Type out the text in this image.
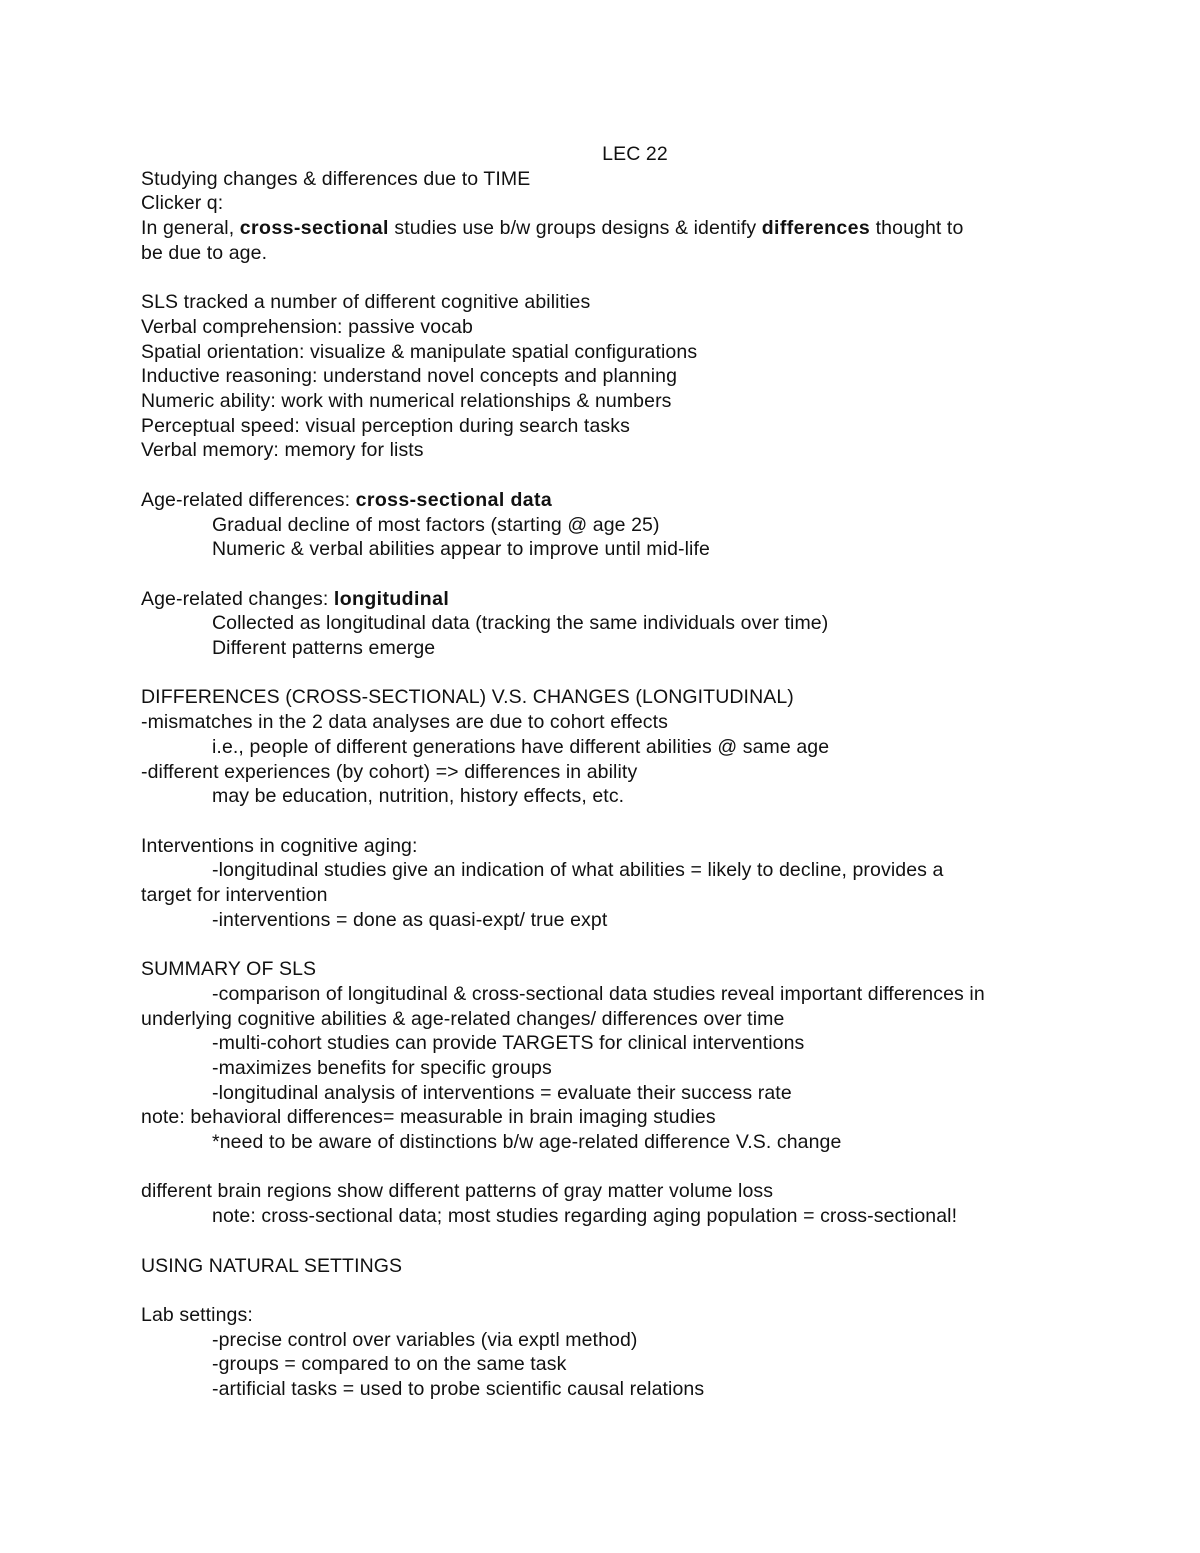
LEC 22
Studying changes & differences due to TIME
Clicker q:
In general, cross-sectional studies use b/w groups designs & identify differences thought to
be due to age.
SLS tracked a number of different cognitive abilities
Verbal comprehension: passive vocab
Spatial orientation: visualize & manipulate spatial configurations
Inductive reasoning: understand novel concepts and planning
Numeric ability: work with numerical relationships & numbers
Perceptual speed: visual perception during search tasks
Verbal memory: memory for lists
Age-related differences: cross-sectional data
Gradual decline of most factors (starting @ age 25)
Numeric & verbal abilities appear to improve until mid-life
Age-related changes: longitudinal
Collected as longitudinal data (tracking the same individuals over time)
Different patterns emerge
DIFFERENCES (CROSS-SECTIONAL) V.S. CHANGES (LONGITUDINAL)
-mismatches in the 2 data analyses are due to cohort effects
i.e., people of different generations have different abilities @ same age
-different experiences (by cohort) => differences in ability
may be education, nutrition, history effects, etc.
Interventions in cognitive aging:
-longitudinal studies give an indication of what abilities = likely to decline, provides a
target for intervention
-interventions = done as quasi-expt/ true expt
SUMMARY OF SLS
-comparison of longitudinal & cross-sectional data studies reveal important differences in
underlying cognitive abilities & age-related changes/ differences over time
-multi-cohort studies can provide TARGETS for clinical interventions
-maximizes benefits for specific groups
-longitudinal analysis of interventions = evaluate their success rate
note: behavioral differences= measurable in brain imaging studies
*need to be aware of distinctions b/w age-related difference V.S. change
different brain regions show different patterns of gray matter volume loss
note: cross-sectional data; most studies regarding aging population = cross-sectional!
USING NATURAL SETTINGS
Lab settings:
-precise control over variables (via exptl method)
-groups = compared to on the same task
-artificial tasks = used to probe scientific causal relations
